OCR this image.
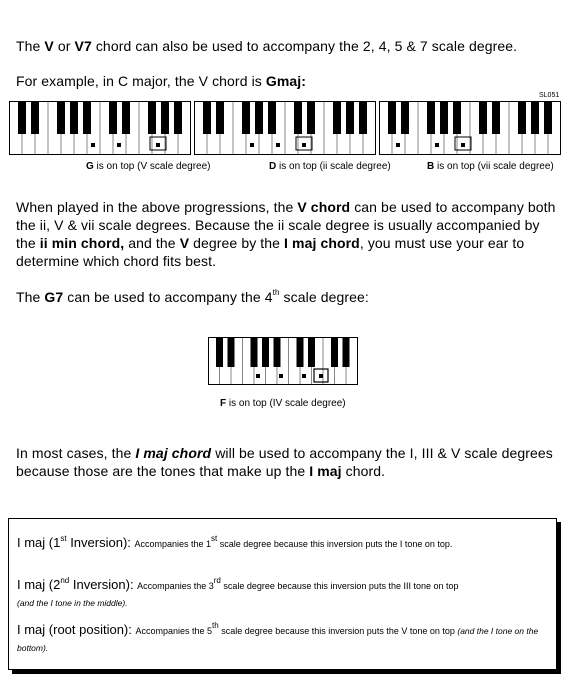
The V or V7 chord can also be used to accompany the 2, 4, 5 & 7 scale degree.

For example, in C major, the V chord is Gmaj:

SL051
G is on top (V scale degree)	D is on top (ii scale degree)	B is on top (vii scale degree)

When played in the above progressions, the V chord can be used to accompany both the ii, V & vii scale degrees. Because the ii scale degree is usually accompanied by the ii min chord, and the V degree by the I maj chord, you must use your ear to determine which chord fits best.

The G7 can be used to accompany the 4th scale degree:

F is on top (IV scale degree)

In most cases, the I maj chord will be used to accompany the I, III & V scale degrees because those are the tones that make up the I maj chord.

I maj (1st Inversion): Accompanies the 1st scale degree because this inversion puts the I tone on top.
I maj (2nd Inversion): Accompanies the 3rd scale degree because this inversion puts the III tone on top
(and the I tone in the middle).
I maj (root position): Accompanies the 5th scale degree because this inversion puts the V tone on top (and the I tone on the bottom).
